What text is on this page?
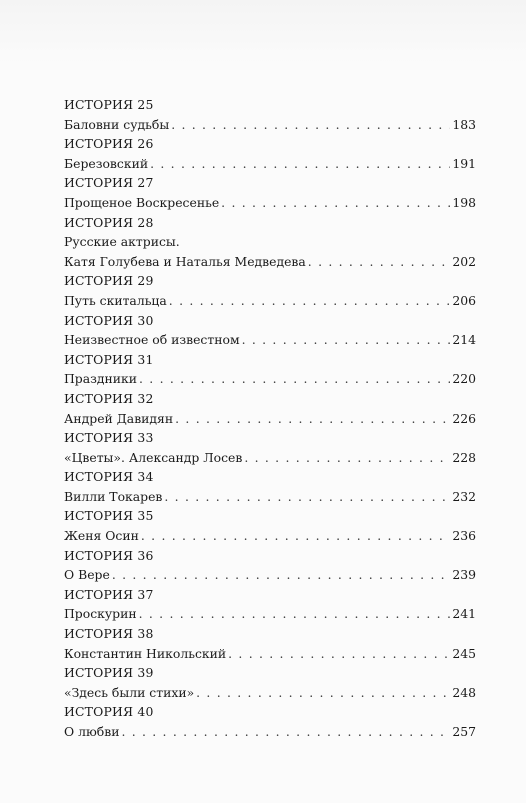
ИСТОРИЯ 25
Баловни судьбы . . .	183
ИСТОРИЯ 26
Березовский . . .	191
ИСТОРИЯ 27
Прощеное Воскресенье . . .	198
ИСТОРИЯ 28
Русские актрисы.
Катя Голубева и Наталья Медведева . . .	202
ИСТОРИЯ 29
Путь скитальца . . .	206
ИСТОРИЯ 30
Неизвестное об известном . . .	214
ИСТОРИЯ 31
Праздники . . .	220
ИСТОРИЯ 32
Андрей Давидян . . .	226
ИСТОРИЯ 33
«Цветы». Александр Лосев . . .	228
ИСТОРИЯ 34
Вилли Токарев . . .	232
ИСТОРИЯ 35
Женя Осин . . .	236
ИСТОРИЯ 36
О Вере . . .	239
ИСТОРИЯ 37
Проскурин . . .	241
ИСТОРИЯ 38
Константин Никольский . . .	245
ИСТОРИЯ 39
«Здесь были стихи» . . .	248
ИСТОРИЯ 40
О любви . . .	257
